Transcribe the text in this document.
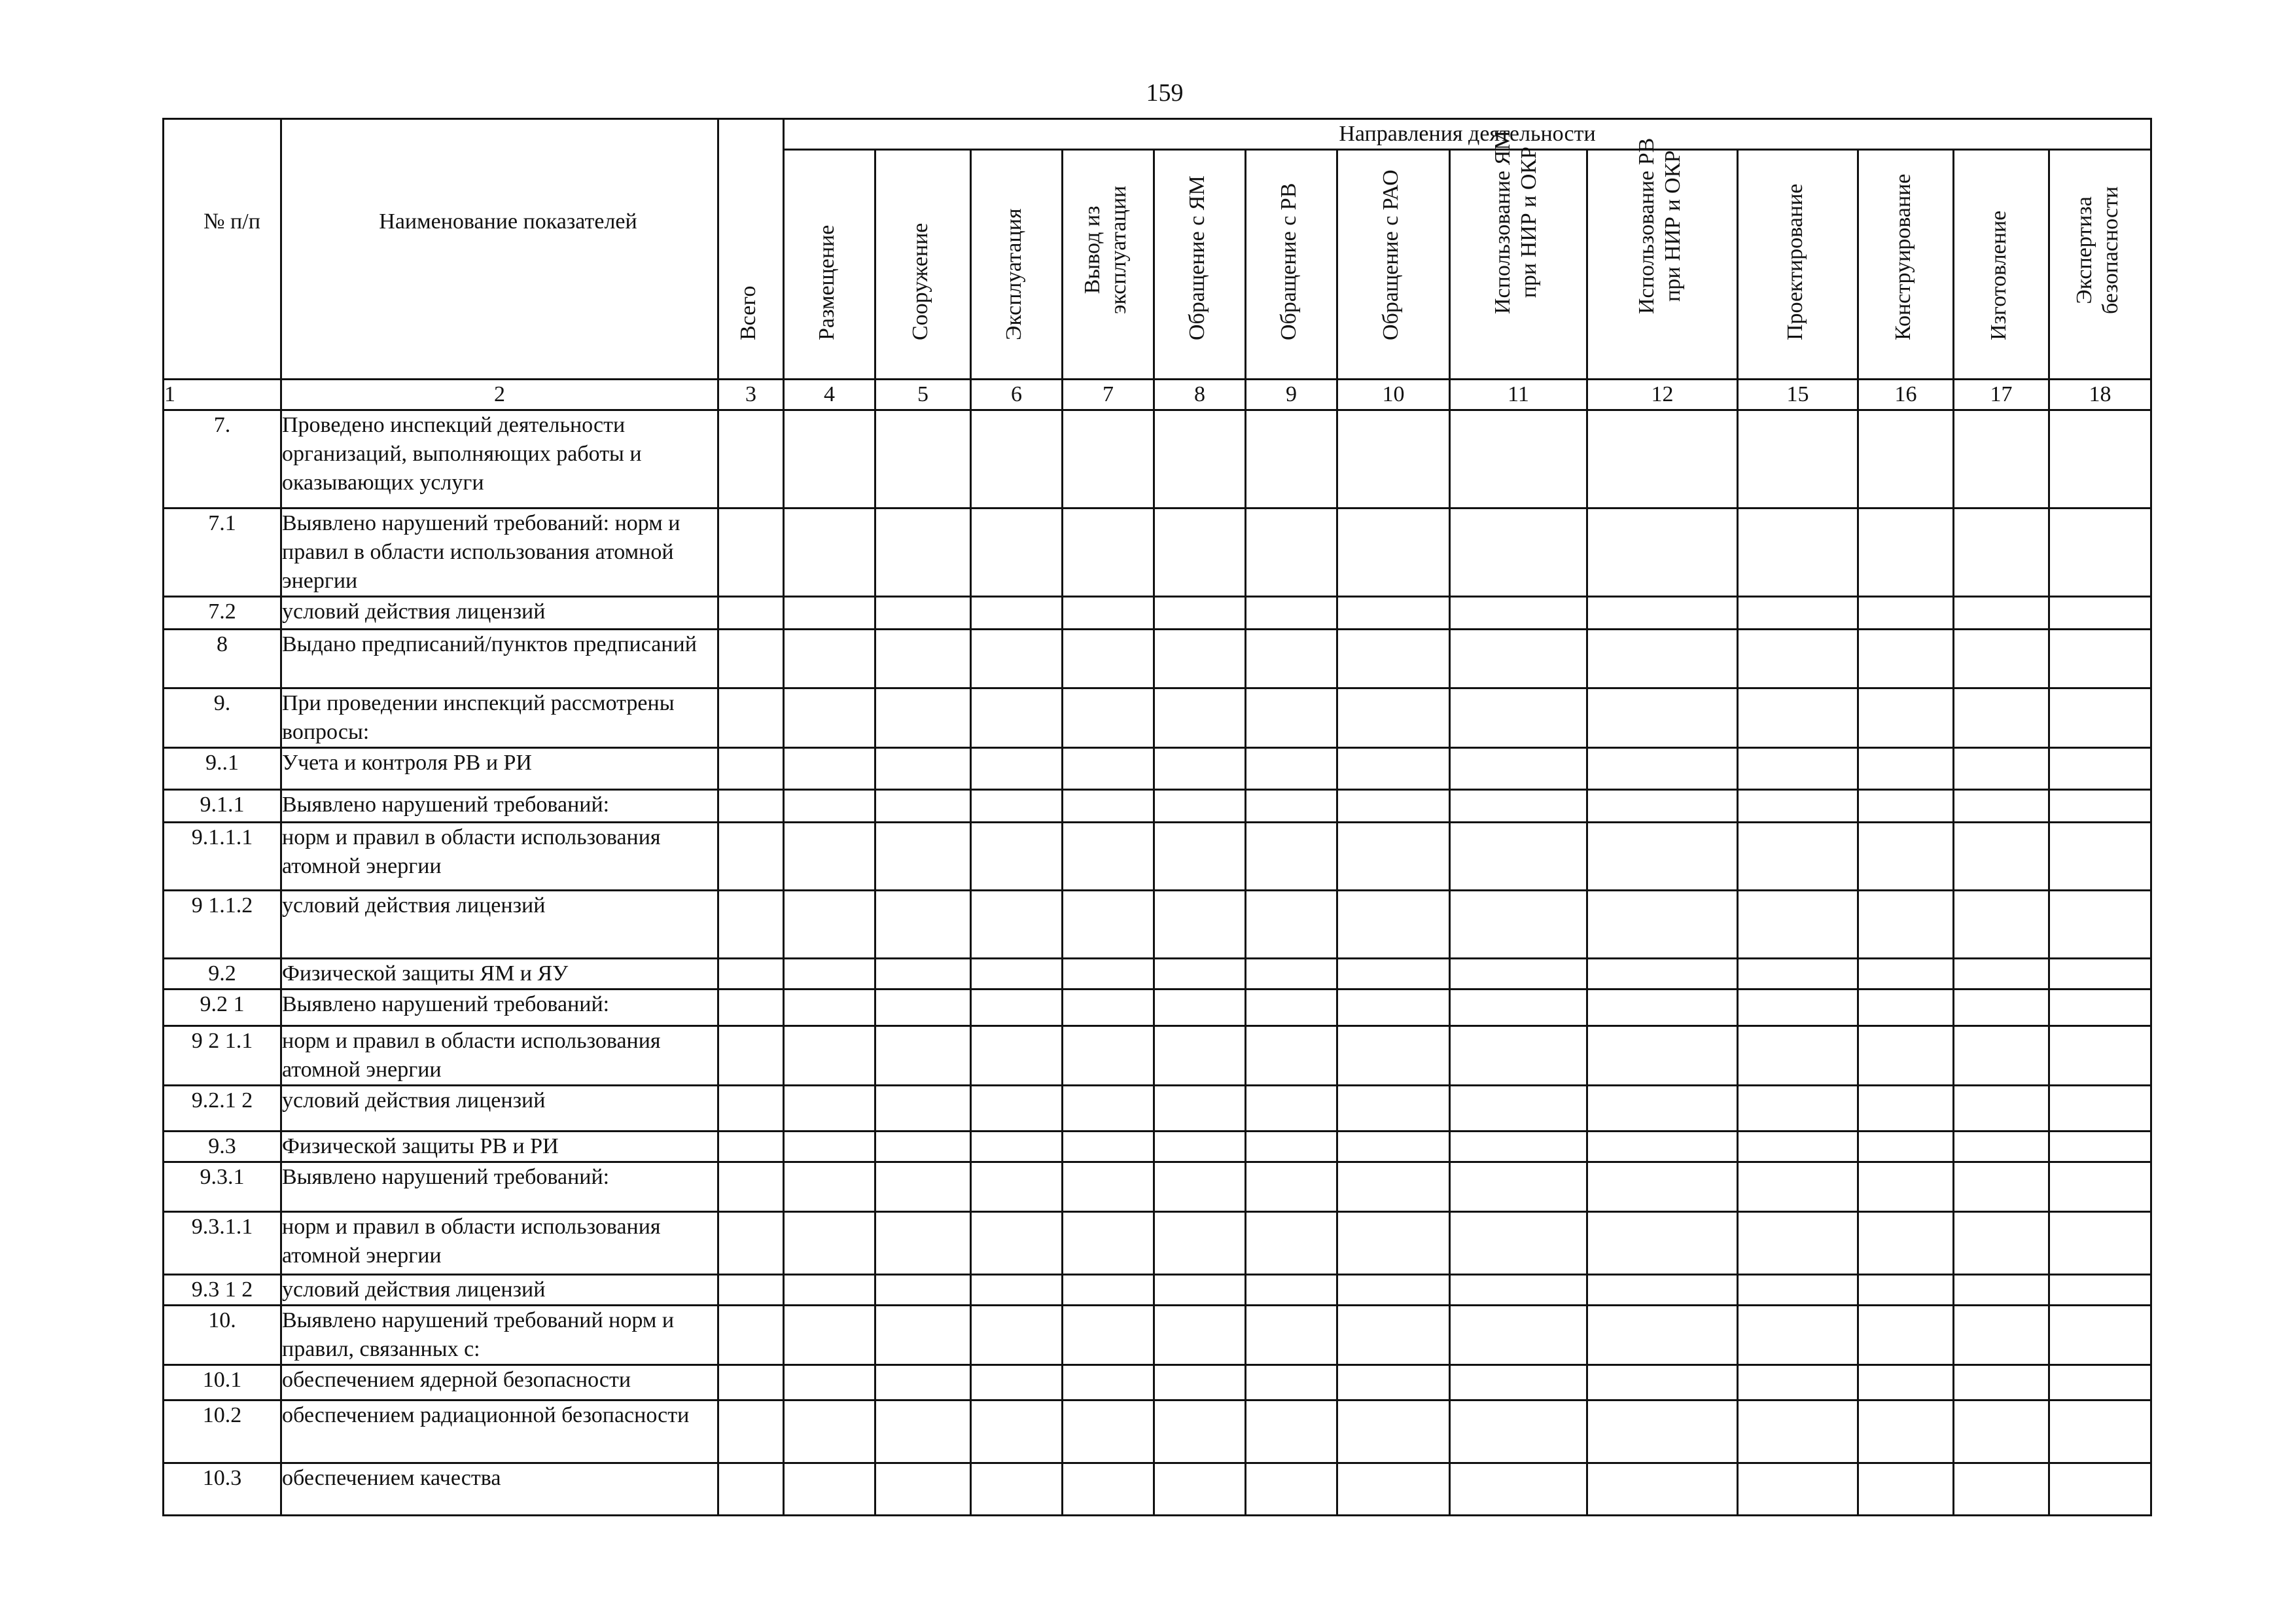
159
№ п/п	Наименование показателей	Всего	Направления деятельности												

			Размещение	Сооружение	Эксплуатация	Вывод из эксплуатации	Обращение с ЯМ	Обращение с РВ	Обращение с РАО	Использование ЯМ при НИР и ОКР	Использование РВ при НИР и ОКР	Проектирование	Конструирование	Изготовление	Экспертиза безопасности

1	2	3	4	5	6	7	8	9	10	11	12	15	16	17	18
7.	Проведено инспекций деятельности организаций, выполняющих работы и оказывающих услуги														
7.1	Выявлено нарушений требований: норм и правил в области использования атомной энергии														
7.2	условий действия лицензий														
8	Выдано предписаний/пунктов предписаний														
9.	При проведении инспекций рассмотрены вопросы:														
9..1	Учета и контроля РВ и РИ														
9.1.1	Выявлено нарушений требований:														
9.1.1.1	норм и правил в области использования атомной энергии														
9 1.1.2	условий действия лицензий														
9.2	Физической защиты ЯМ и ЯУ														
9.2 1	Выявлено нарушений требований:														
9 2 1.1	норм и правил в области использования атомной энергии														
9.2.1 2	условий действия лицензий														
9.3	Физической защиты РВ и РИ														
9.3.1	Выявлено нарушений требований:														
9.3.1.1	норм и правил в области использования атомной энергии														
9.3 1 2	условий действия лицензий														
10.	Выявлено нарушений требований норм и правил, связанных с:														
10.1	обеспечением ядерной безопасности														
10.2	обеспечением радиационной безопасности														
10.3	обеспечением качества														
